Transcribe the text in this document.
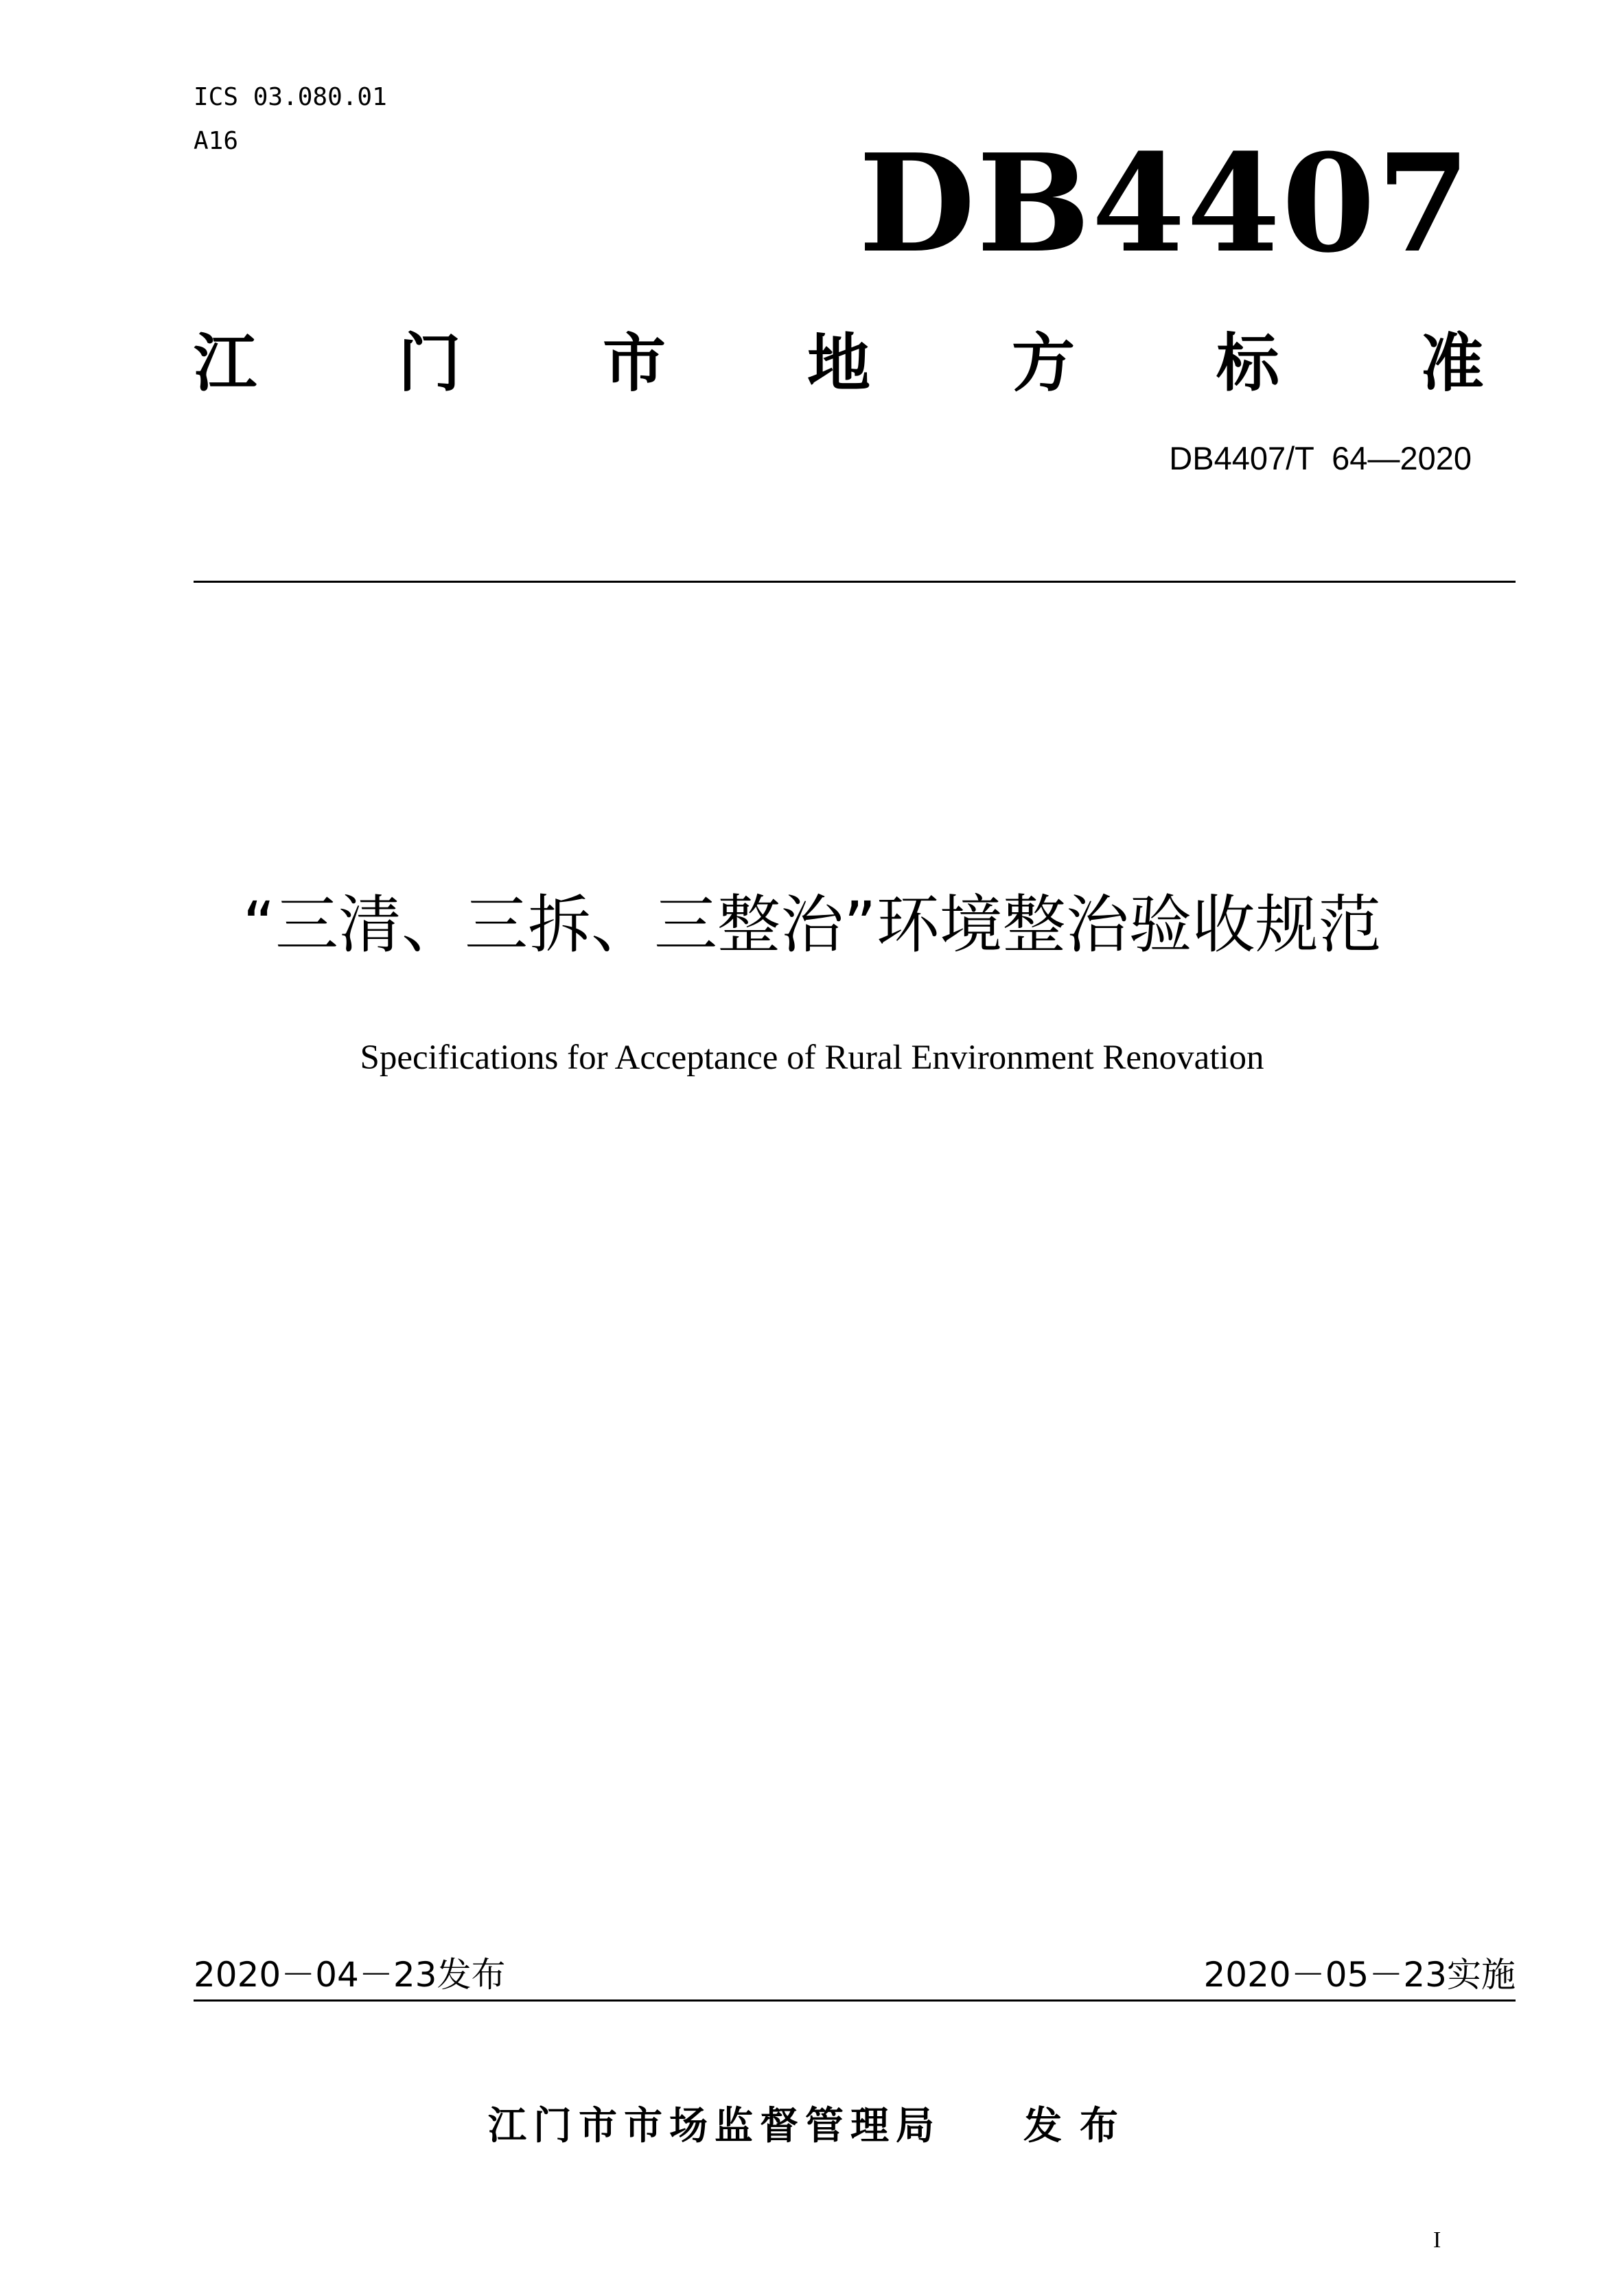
ICS 03.080.01
A16	DB4407
江 门 市 地 方 标 准
DB4407/T  64—2020
“三清、三拆、三整治”环境整治验收规范
Specifications for Acceptance of Rural Environment Renovation
2020－04－23发布	2020－05－23实施
江门市市场监督管理局 发布
I
